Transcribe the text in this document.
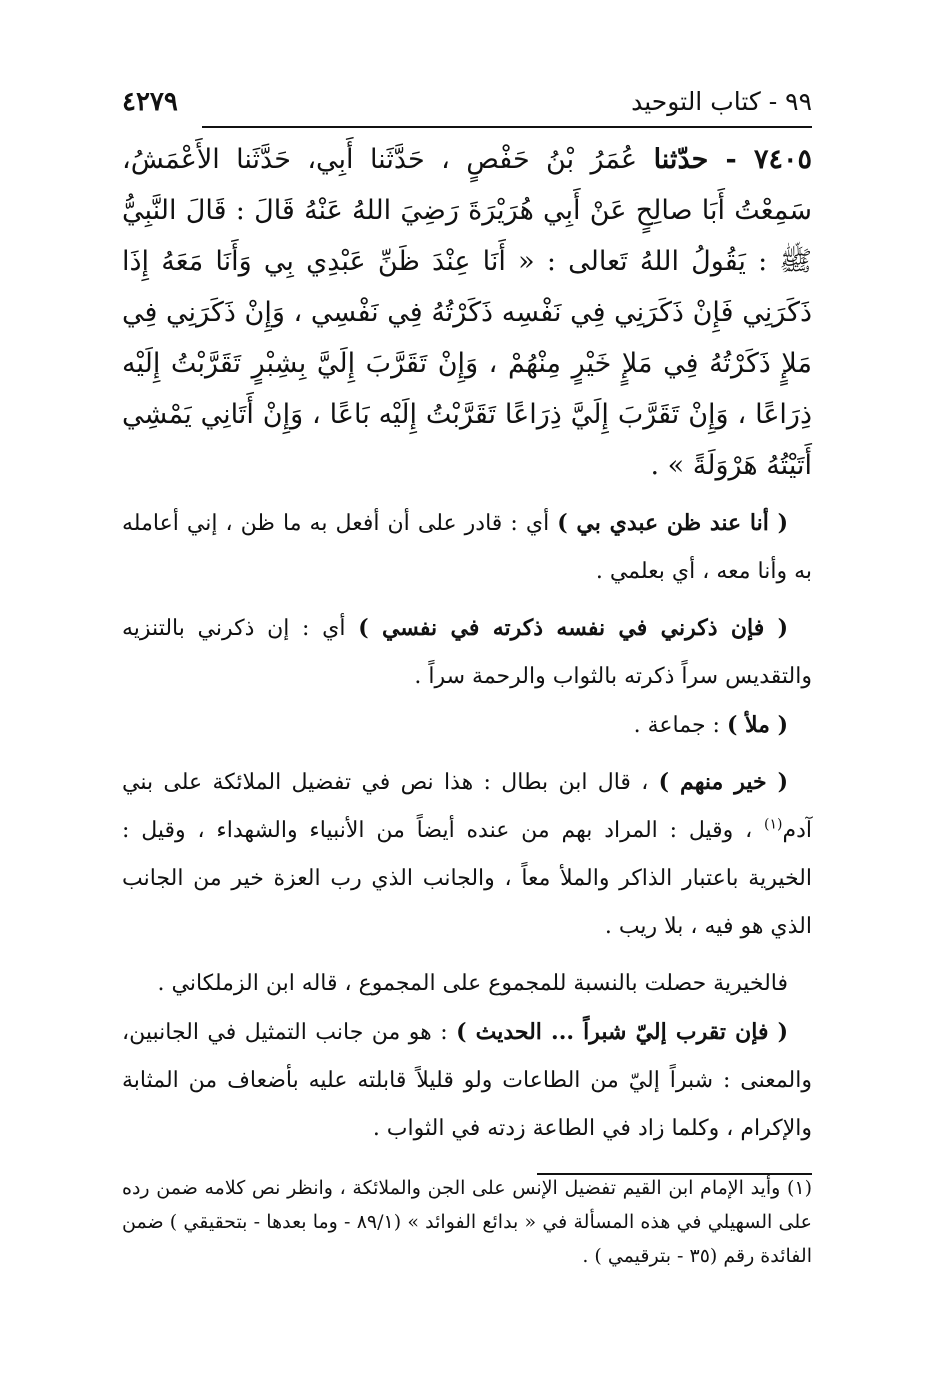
٩٩ - كتاب التوحيد
٤٢٧٩
٧٤٠٥ - حدّثنا عُمَرُ بْنُ حَفْصٍ ، حَدَّثَنا أَبِي، حَدَّثَنا الأَعْمَشُ، سَمِعْتُ أَبَا صالِحٍ عَنْ أَبِي هُرَيْرَةَ رَضِيَ اللهُ عَنْهُ قَالَ : قَالَ النَّبِيُّ ﷺ : يَقُولُ اللهُ تَعالى : « أَنَا عِنْدَ ظَنِّ عَبْدِي بِي وَأَنَا مَعَهُ إِذَا ذَكَرَنِي فَإِنْ ذَكَرَنِي فِي نَفْسِه ذَكَرْتُهُ فِي نَفْسِي ، وَإِنْ ذَكَرَنِي فِي مَلإٍ ذَكَرْتُهُ فِي مَلإٍ خَيْرٍ مِنْهُمْ ، وَإِنْ تَقَرَّبَ إِلَيَّ بِشِبْرٍ تَقَرَّبْتُ إِلَيْه ذِرَاعًا ، وَإِنْ تَقَرَّبَ إِلَيَّ ذِرَاعًا تَقَرَّبْتُ إِلَيْه بَاعًا ، وَإِنْ أَتَانِي يَمْشِي أَتَيْتُهُ هَرْوَلَةً » .

( أنا عند ظن عبدي بي ) أي : قادر على أن أفعل به ما ظن ، إني أعامله به وأنا معه ، أي بعلمي .

( فإن ذكرني في نفسه ذكرته في نفسي ) أي : إن ذكرني بالتنزيه والتقديس سراً ذكرته بالثواب والرحمة سراً .

( ملأ ) : جماعة .

( خير منهم ) ، قال ابن بطال : هذا نص في تفضيل الملائكة على بني آدم$^{(١)}$ ، وقيل : المراد بهم من عنده أيضاً من الأنبياء والشهداء ، وقيل : الخيرية باعتبار الذاكر والملأ معاً ، والجانب الذي رب العزة خير من الجانب الذي هو فيه ، بلا ريب .

فالخيرية حصلت بالنسبة للمجموع على المجموع ، قاله ابن الزملكاني .

( فإن تقرب إليّ شبراً ... الحديث ) : هو من جانب التمثيل في الجانبين، والمعنى : شبراً إليّ من الطاعات ولو قليلاً قابلته عليه بأضعاف من المثابة والإكرام ، وكلما زاد في الطاعة زدته في الثواب .

(١) وأيد الإمام ابن القيم تفضيل الإنس على الجن والملائكة ، وانظر نص كلامه ضمن رده على السهيلي في هذه المسألة في « بدائع الفوائد » (٨٩/١ - وما بعدها - بتحقيقي ) ضمن الفائدة رقم (٣٥ - بترقيمي ) .
